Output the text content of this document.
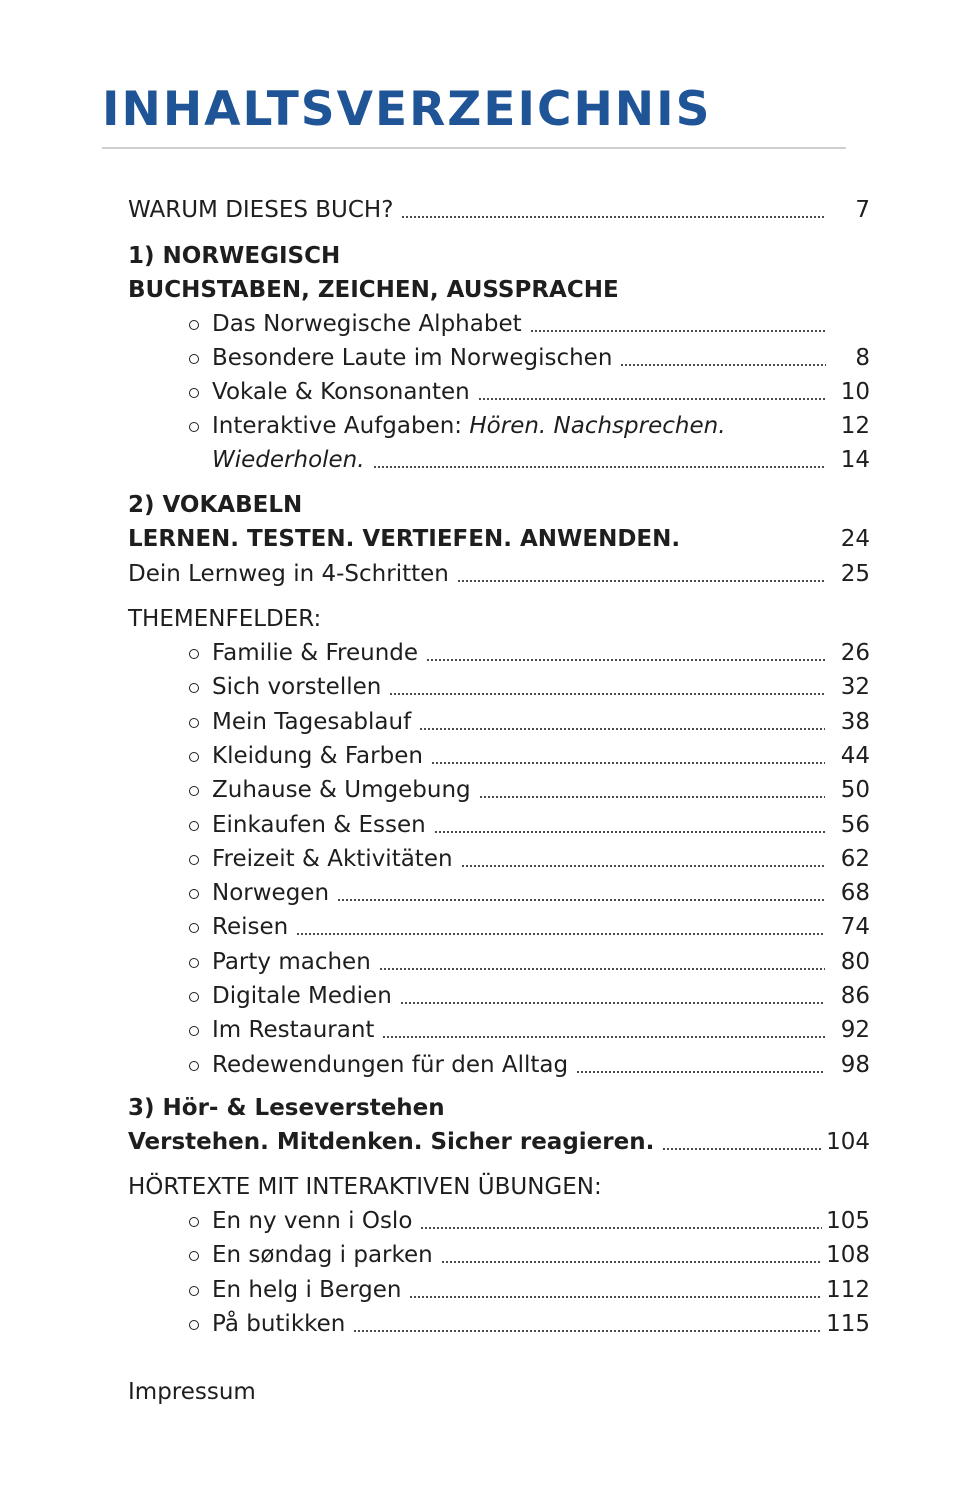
INHALTSVERZEICHNIS
WARUM DIESES BUCH?	7
1) NORWEGISCH
BUCHSTABEN, ZEICHEN, AUSSPRACHE
Das Norwegische Alphabet
Besondere Laute im Norwegischen	8
Vokale & Konsonanten	10
Interaktive Aufgaben: Hören. Nachsprechen.	12
Wiederholen.	14
2) VOKABELN
LERNEN. TESTEN. VERTIEFEN. ANWENDEN.	24
Dein Lernweg in 4-Schritten	25
THEMENFELDER:
Familie & Freunde	26
Sich vorstellen	32
Mein Tagesablauf	38
Kleidung & Farben	44
Zuhause & Umgebung	50
Einkaufen & Essen	56
Freizeit & Aktivitäten	62
Norwegen	68
Reisen	74
Party machen	80
Digitale Medien	86
Im Restaurant	92
Redewendungen für den Alltag	98
3) Hör- & Leseverstehen
Verstehen. Mitdenken. Sicher reagieren.	104
HÖRTEXTE MIT INTERAKTIVEN ÜBUNGEN:
En ny venn i Oslo	105
En søndag i parken	108
En helg i Bergen	112
På butikken	115
Impressum
